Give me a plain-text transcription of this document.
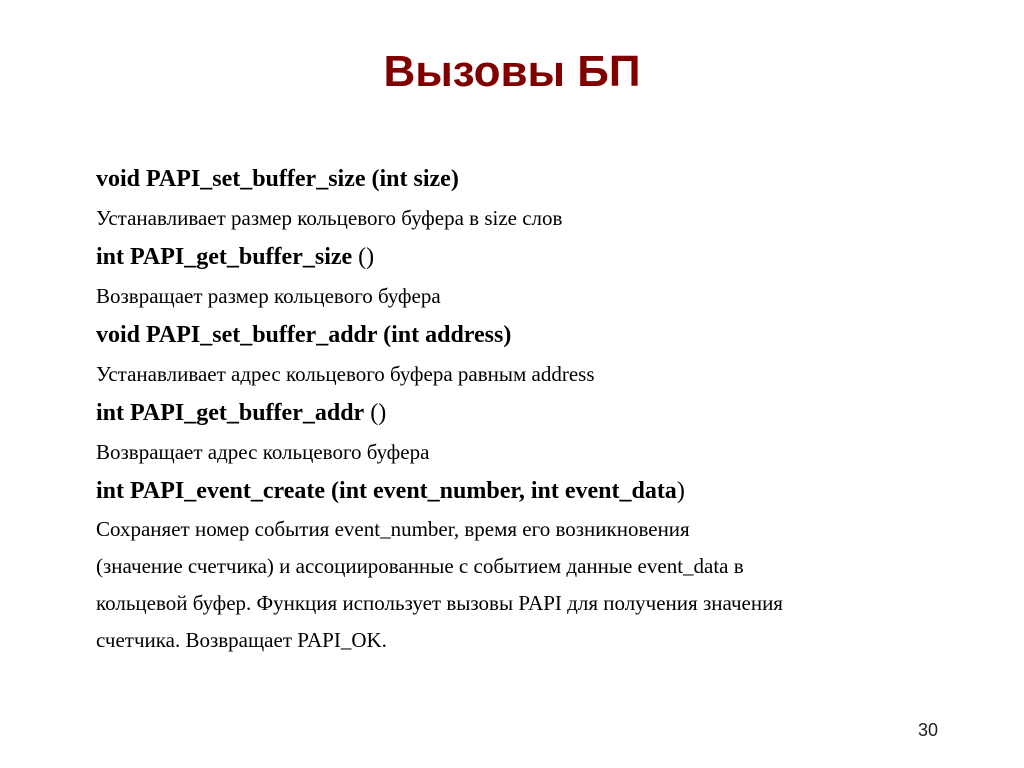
Вызовы БП
void PAPI_set_buffer_size (int size)
Устанавливает размер кольцевого буфера в size слов
int PAPI_get_buffer_size ()
Возвращает размер кольцевого буфера
void PAPI_set_buffer_addr (int address)
Устанавливает адрес кольцевого буфера равным address
int PAPI_get_buffer_addr ()
Возвращает адрес кольцевого буфера
int PAPI_event_create (int event_number, int event_data)
Сохраняет номер события event_number, время его возникновения
(значение счетчика) и ассоциированные с событием данные event_data в
кольцевой буфер. Функция использует вызовы PAPI для получения значения
счетчика. Возвращает PAPI_OK.
30
